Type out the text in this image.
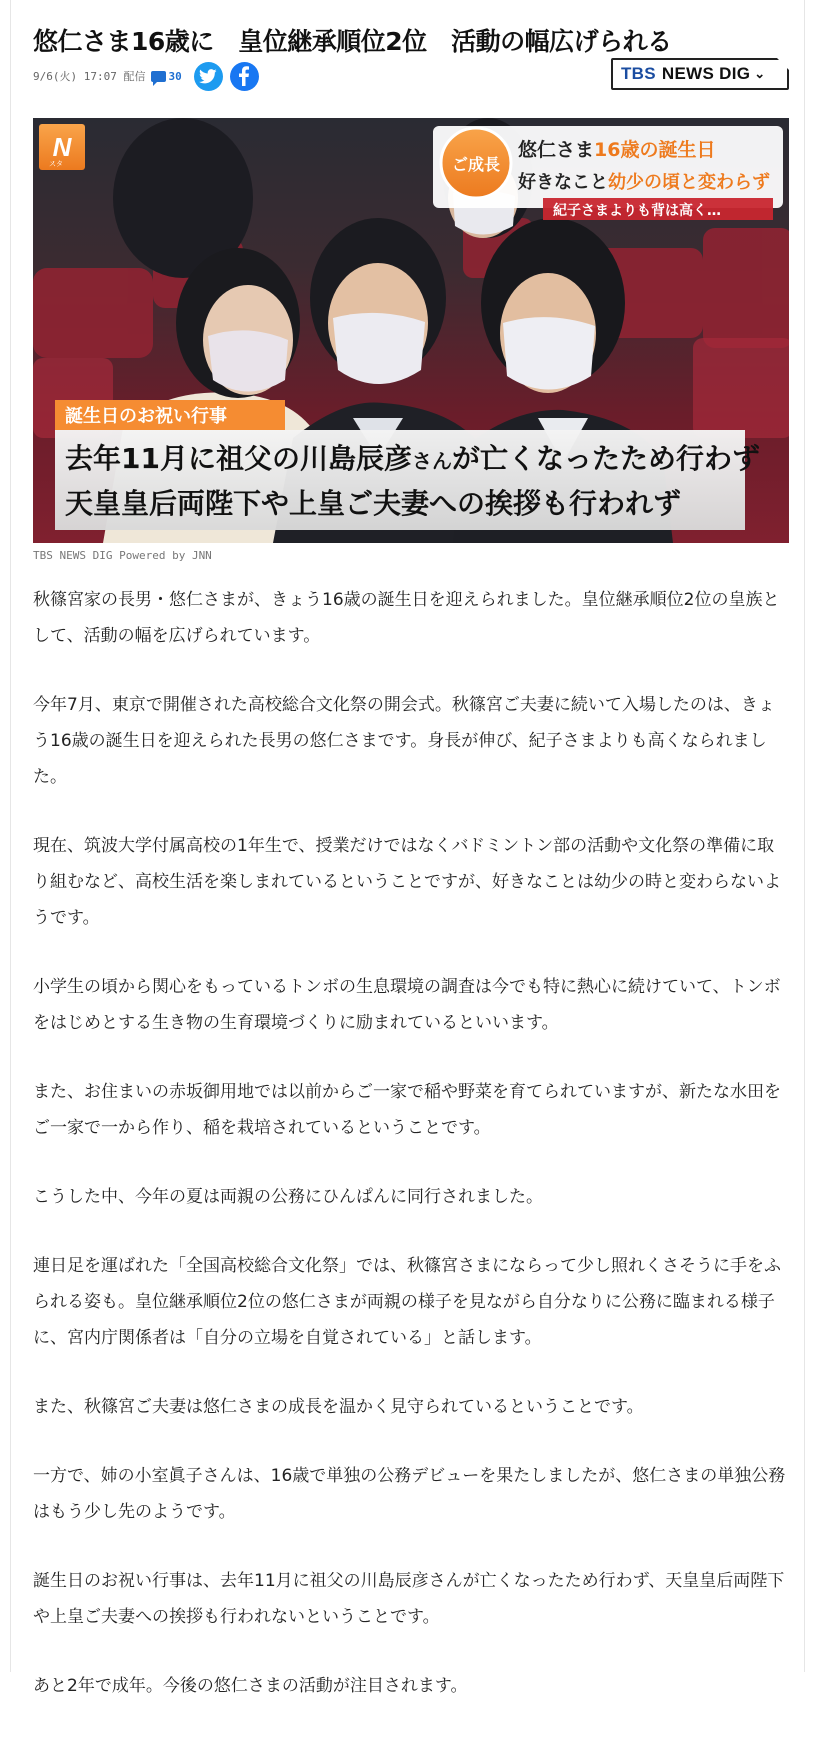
悠仁さま16歳に　皇位継承順位2位　活動の幅広げられる
9/6(火) 17:07 配信 30	TBS NEWS DIG ⌄
N
スタ	ご成長
悠仁さま16歳の誕生日
好きなこと幼少の頃と変わらず
紀子さまよりも背は高く…
誕生日のお祝い行事
去年11月に祖父の川島辰彦さんが亡くなったため行わず
天皇皇后両陛下や上皇ご夫妻への挨拶も行われず
TBS NEWS DIG Powered by JNN

秋篠宮家の長男・悠仁さまが、きょう16歳の誕生日を迎えられました。皇位継承順位2位の皇族として、活動の幅を広げられています。

今年7月、東京で開催された高校総合文化祭の開会式。秋篠宮ご夫妻に続いて入場したのは、きょう16歳の誕生日を迎えられた長男の悠仁さまです。身長が伸び、紀子さまよりも高くなられました。

現在、筑波大学付属高校の1年生で、授業だけではなくバドミントン部の活動や文化祭の準備に取り組むなど、高校生活を楽しまれているということですが、好きなことは幼少の時と変わらないようです。

小学生の頃から関心をもっているトンボの生息環境の調査は今でも特に熱心に続けていて、トンボをはじめとする生き物の生育環境づくりに励まれているといいます。

また、お住まいの赤坂御用地では以前からご一家で稲や野菜を育てられていますが、新たな水田をご一家で一から作り、稲を栽培されているということです。

こうした中、今年の夏は両親の公務にひんぱんに同行されました。

連日足を運ばれた「全国高校総合文化祭」では、秋篠宮さまにならって少し照れくさそうに手をふられる姿も。皇位継承順位2位の悠仁さまが両親の様子を見ながら自分なりに公務に臨まれる様子に、宮内庁関係者は「自分の立場を自覚されている」と話します。

また、秋篠宮ご夫妻は悠仁さまの成長を温かく見守られているということです。

一方で、姉の小室眞子さんは、16歳で単独の公務デビューを果たしましたが、悠仁さまの単独公務はもう少し先のようです。

誕生日のお祝い行事は、去年11月に祖父の川島辰彦さんが亡くなったため行わず、天皇皇后両陛下や上皇ご夫妻への挨拶も行われないということです。

あと2年で成年。今後の悠仁さまの活動が注目されます。
